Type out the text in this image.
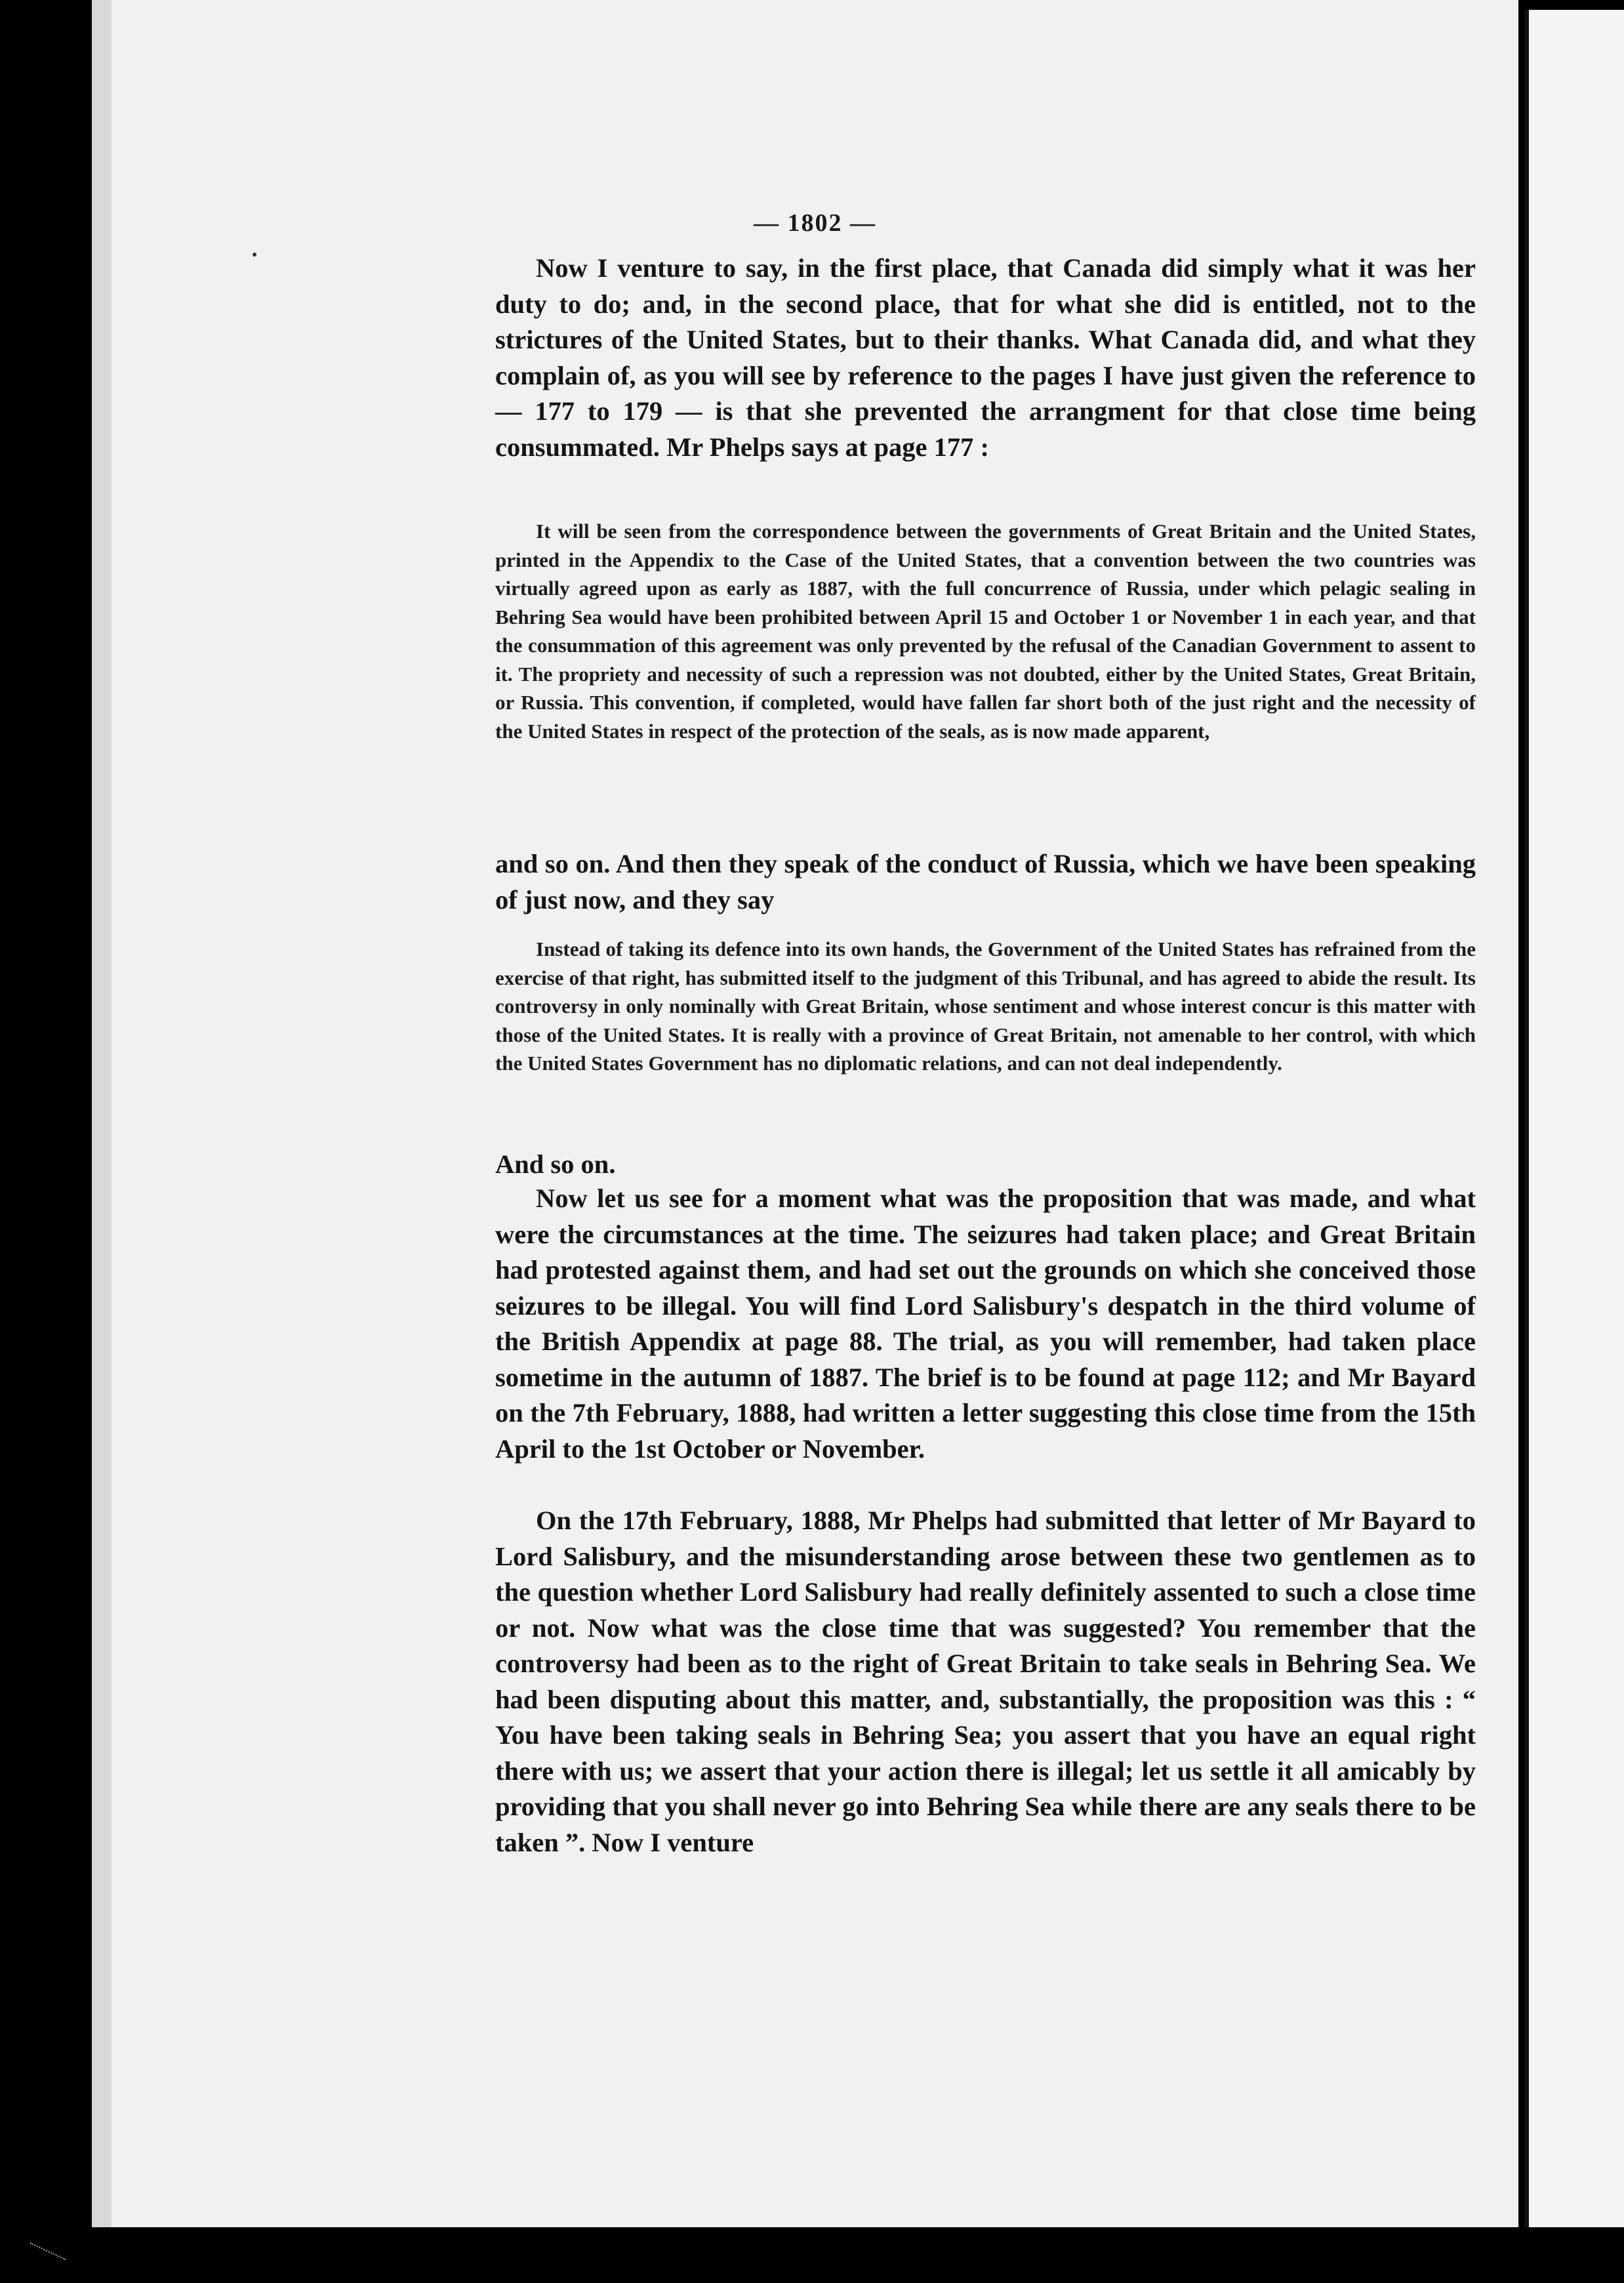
— 1802 —

Now I venture to say, in the first place, that Canada did simply what it was her duty to do; and, in the second place, that for what she did is entitled, not to the strictures of the United States, but to their thanks. What Canada did, and what they complain of, as you will see by reference to the pages I have just given the reference to — 177 to 179 — is that she prevented the arrangment for that close time being consummated. Mr Phelps says at page 177 :

It will be seen from the correspondence between the governments of Great Britain and the United States, printed in the Appendix to the Case of the United States, that a convention between the two countries was virtually agreed upon as early as 1887, with the full concurrence of Russia, under which pelagic sealing in Behring Sea would have been prohibited between April 15 and October 1 or November 1 in each year, and that the consummation of this agreement was only prevented by the refusal of the Canadian Government to assent to it. The propriety and necessity of such a repression was not doubted, either by the United States, Great Britain, or Russia. This convention, if completed, would have fallen far short both of the just right and the necessity of the United States in respect of the protection of the seals, as is now made apparent,

and so on. And then they speak of the conduct of Russia, which we have been speaking of just now, and they say

Instead of taking its defence into its own hands, the Government of the United States has refrained from the exercise of that right, has submitted itself to the judgment of this Tribunal, and has agreed to abide the result. Its controversy in only nominally with Great Britain, whose sentiment and whose interest concur is this matter with those of the United States. It is really with a province of Great Britain, not amenable to her control, with which the United States Government has no diplomatic relations, and can not deal independently.

And so on.

Now let us see for a moment what was the proposition that was made, and what were the circumstances at the time. The seizures had taken place; and Great Britain had protested against them, and had set out the grounds on which she conceived those seizures to be illegal. You will find Lord Salisbury's despatch in the third volume of the British Appendix at page 88. The trial, as you will remember, had taken place sometime in the autumn of 1887. The brief is to be found at page 112; and Mr Bayard on the 7th February, 1888, had written a letter suggesting this close time from the 15th April to the 1st October or November.

On the 17th February, 1888, Mr Phelps had submitted that letter of Mr Bayard to Lord Salisbury, and the misunderstanding arose between these two gentlemen as to the question whether Lord Salisbury had really definitely assented to such a close time or not. Now what was the close time that was suggested? You remember that the controversy had been as to the right of Great Britain to take seals in Behring Sea. We had been disputing about this matter, and, substantially, the proposition was this : “ You have been taking seals in Behring Sea; you assert that you have an equal right there with us; we assert that your action there is illegal; let us settle it all amicably by providing that you shall never go into Behring Sea while there are any seals there to be taken ”. Now I venture
